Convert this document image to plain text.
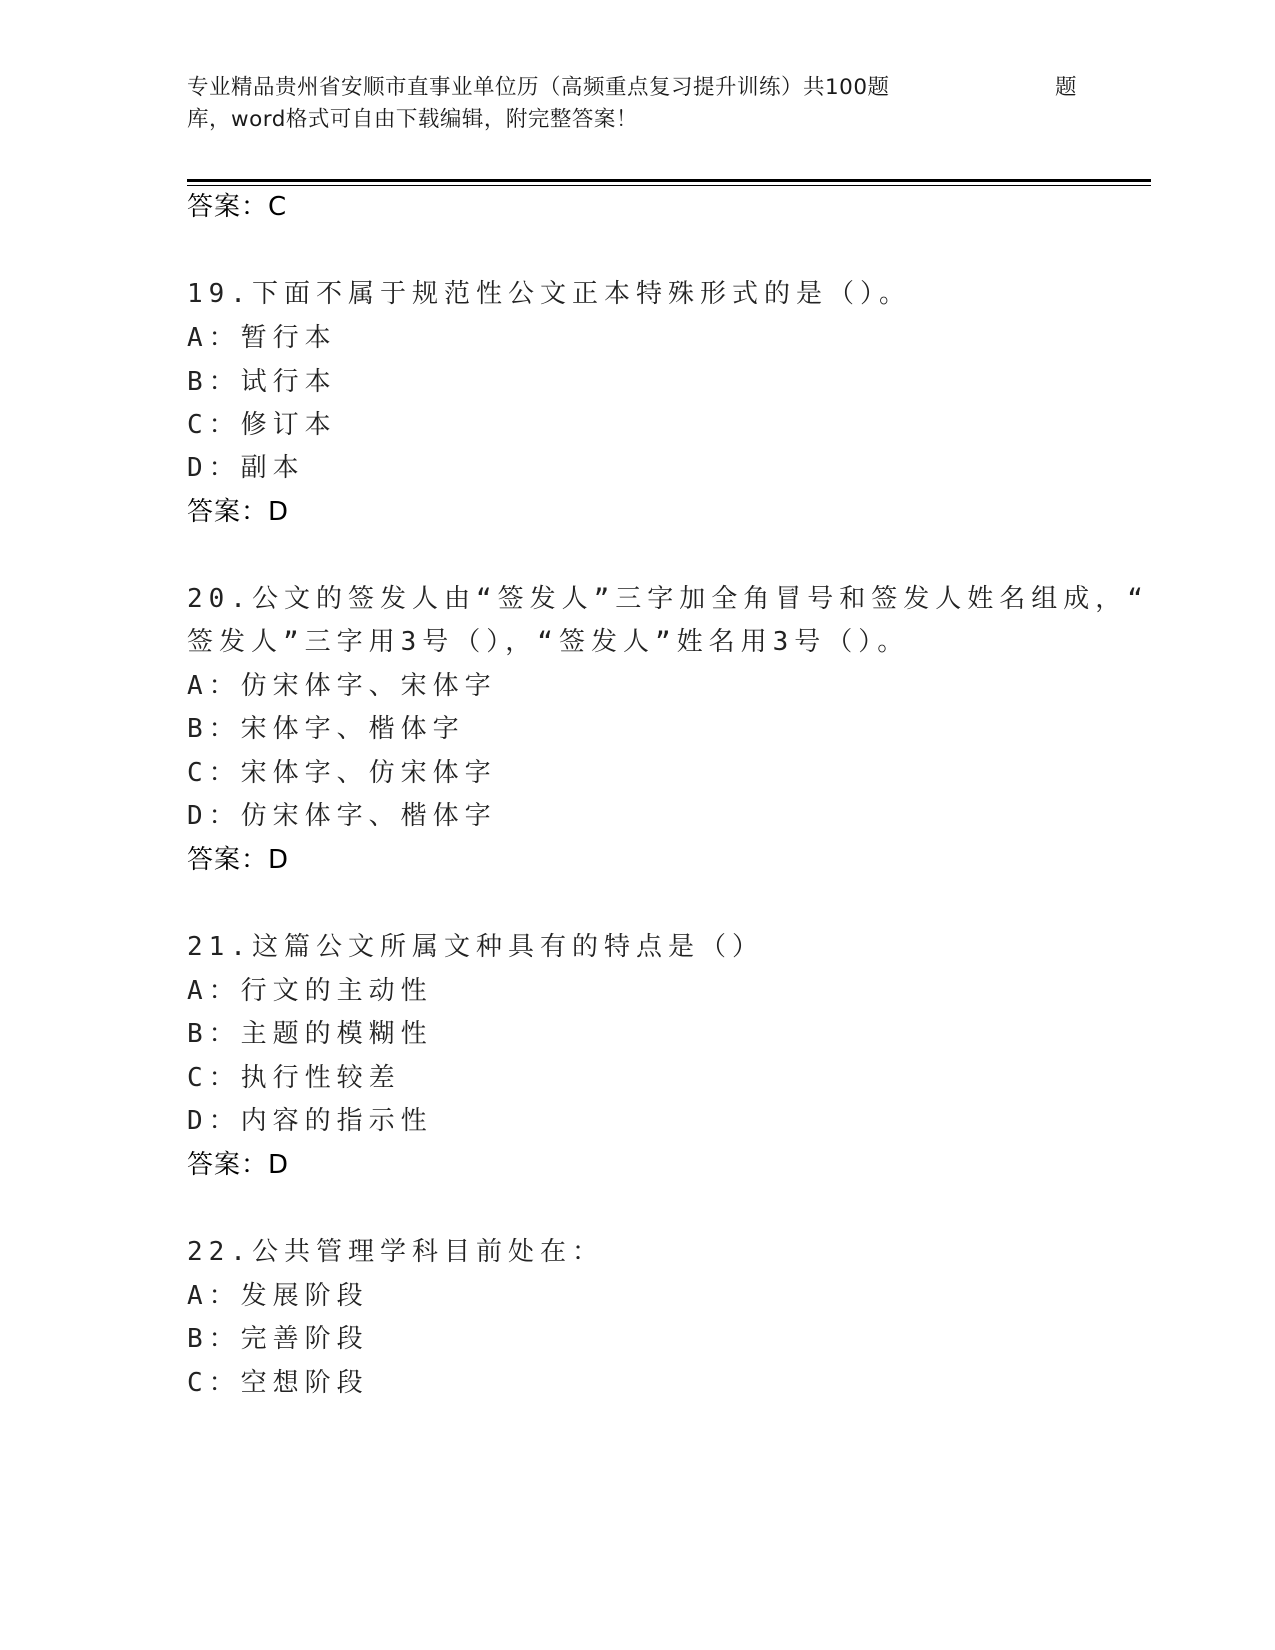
专业精品贵州省安顺市直事业单位历（高频重点复习提升训练）共100题	题
库，word格式可自由下载编辑，附完整答案！
答案：C
19.下面不属于规范性公文正本特殊形式的是（）。
A：暂行本
B：试行本
C：修订本
D：副本
答案：D
20.公文的签发人由“签发人”三字加全角冒号和签发人姓名组成，“
签发人”三字用3号（），“签发人”姓名用3号（）。
A：仿宋体字、宋体字
B：宋体字、楷体字
C：宋体字、仿宋体字
D：仿宋体字、楷体字
答案：D
21.这篇公文所属文种具有的特点是（）
A：行文的主动性
B：主题的模糊性
C：执行性较差
D：内容的指示性
答案：D
22.公共管理学科目前处在：
A：发展阶段
B：完善阶段
C：空想阶段
